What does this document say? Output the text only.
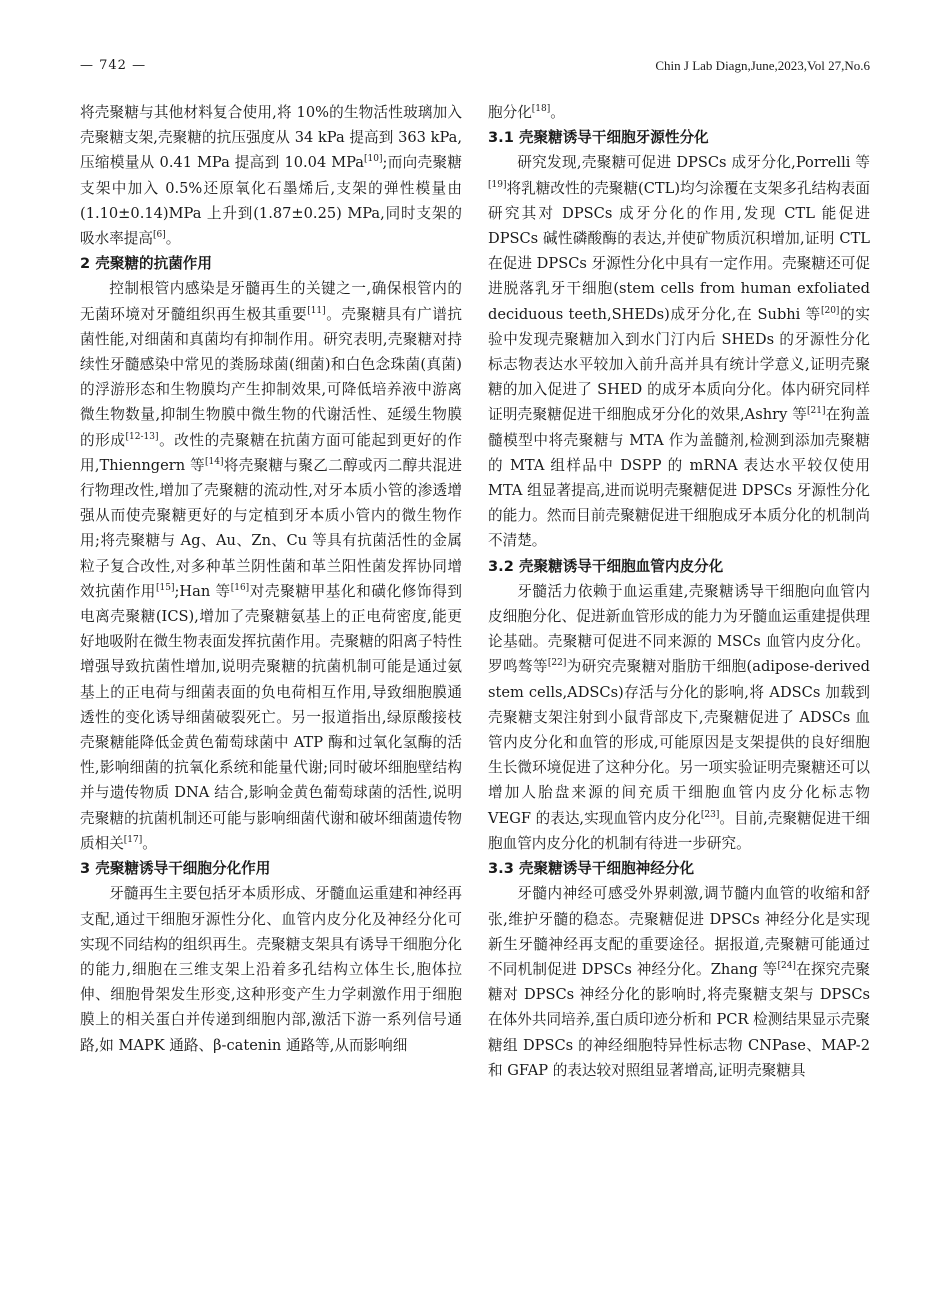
— 742 —	Chin J Lab Diagn,June,2023,Vol 27,No.6

将壳聚糖与其他材料复合使用,将 10%的生物活性玻璃加入壳聚糖支架,壳聚糖的抗压强度从 34 kPa 提高到 363 kPa,压缩模量从 0.41 MPa 提高到 10.04 MPa[10];而向壳聚糖支架中加入 0.5%还原氧化石墨烯后,支架的弹性模量由(1.10±0.14)MPa 上升到(1.87±0.25) MPa,同时支架的吸水率提高[6]。

2 壳聚糖的抗菌作用

控制根管内感染是牙髓再生的关键之一,确保根管内的无菌环境对牙髓组织再生极其重要[11]。壳聚糖具有广谱抗菌性能,对细菌和真菌均有抑制作用。研究表明,壳聚糖对持续性牙髓感染中常见的粪肠球菌(细菌)和白色念珠菌(真菌)的浮游形态和生物膜均产生抑制效果,可降低培养液中游离微生物数量,抑制生物膜中微生物的代谢活性、延缓生物膜的形成[12-13]。改性的壳聚糖在抗菌方面可能起到更好的作用,Thienngern 等[14]将壳聚糖与聚乙二醇或丙二醇共混进行物理改性,增加了壳聚糖的流动性,对牙本质小管的渗透增强从而使壳聚糖更好的与定植到牙本质小管内的微生物作用;将壳聚糖与 Ag、Au、Zn、Cu 等具有抗菌活性的金属粒子复合改性,对多种革兰阴性菌和革兰阳性菌发挥协同增效抗菌作用[15];Han 等[16]对壳聚糖甲基化和磺化修饰得到电离壳聚糖(ICS),增加了壳聚糖氨基上的正电荷密度,能更好地吸附在微生物表面发挥抗菌作用。壳聚糖的阳离子特性增强导致抗菌性增加,说明壳聚糖的抗菌机制可能是通过氨基上的正电荷与细菌表面的负电荷相互作用,导致细胞膜通透性的变化诱导细菌破裂死亡。另一报道指出,绿原酸接枝壳聚糖能降低金黄色葡萄球菌中 ATP 酶和过氧化氢酶的活性,影响细菌的抗氧化系统和能量代谢;同时破坏细胞壁结构并与遗传物质 DNA 结合,影响金黄色葡萄球菌的活性,说明壳聚糖的抗菌机制还可能与影响细菌代谢和破坏细菌遗传物质相关[17]。

3 壳聚糖诱导干细胞分化作用

牙髓再生主要包括牙本质形成、牙髓血运重建和神经再支配,通过干细胞牙源性分化、血管内皮分化及神经分化可实现不同结构的组织再生。壳聚糖支架具有诱导干细胞分化的能力,细胞在三维支架上沿着多孔结构立体生长,胞体拉伸、细胞骨架发生形变,这种形变产生力学刺激作用于细胞膜上的相关蛋白并传递到细胞内部,激活下游一系列信号通路,如 MAPK 通路、β-catenin 通路等,从而影响细

胞分化[18]。

3.1 壳聚糖诱导干细胞牙源性分化

研究发现,壳聚糖可促进 DPSCs 成牙分化,Porrelli 等[19]将乳糖改性的壳聚糖(CTL)均匀涂覆在支架多孔结构表面研究其对 DPSCs 成牙分化的作用,发现 CTL 能促进 DPSCs 碱性磷酸酶的表达,并使矿物质沉积增加,证明 CTL 在促进 DPSCs 牙源性分化中具有一定作用。壳聚糖还可促进脱落乳牙干细胞(stem cells from human exfoliated deciduous teeth,SHEDs)成牙分化,在 Subhi 等[20]的实验中发现壳聚糖加入到水门汀内后 SHEDs 的牙源性分化标志物表达水平较加入前升高并具有统计学意义,证明壳聚糖的加入促进了 SHED 的成牙本质向分化。体内研究同样证明壳聚糖促进干细胞成牙分化的效果,Ashry 等[21]在狗盖髓模型中将壳聚糖与 MTA 作为盖髓剂,检测到添加壳聚糖的 MTA 组样品中 DSPP 的 mRNA 表达水平较仅使用 MTA 组显著提高,进而说明壳聚糖促进 DPSCs 牙源性分化的能力。然而目前壳聚糖促进干细胞成牙本质分化的机制尚不清楚。

3.2 壳聚糖诱导干细胞血管内皮分化

牙髓活力依赖于血运重建,壳聚糖诱导干细胞向血管内皮细胞分化、促进新血管形成的能力为牙髓血运重建提供理论基础。壳聚糖可促进不同来源的 MSCs 血管内皮分化。罗鸣骜等[22]为研究壳聚糖对脂肪干细胞(adipose-derived stem cells,ADSCs)存活与分化的影响,将 ADSCs 加载到壳聚糖支架注射到小鼠背部皮下,壳聚糖促进了 ADSCs 血管内皮分化和血管的形成,可能原因是支架提供的良好细胞生长微环境促进了这种分化。另一项实验证明壳聚糖还可以增加人胎盘来源的间充质干细胞血管内皮分化标志物 VEGF 的表达,实现血管内皮分化[23]。目前,壳聚糖促进干细胞血管内皮分化的机制有待进一步研究。

3.3 壳聚糖诱导干细胞神经分化

牙髓内神经可感受外界刺激,调节髓内血管的收缩和舒张,维护牙髓的稳态。壳聚糖促进 DPSCs 神经分化是实现新生牙髓神经再支配的重要途径。据报道,壳聚糖可能通过不同机制促进 DPSCs 神经分化。Zhang 等[24]在探究壳聚糖对 DPSCs 神经分化的影响时,将壳聚糖支架与 DPSCs 在体外共同培养,蛋白质印迹分析和 PCR 检测结果显示壳聚糖组 DPSCs 的神经细胞特异性标志物 CNPase、MAP-2 和 GFAP 的表达较对照组显著增高,证明壳聚糖具
